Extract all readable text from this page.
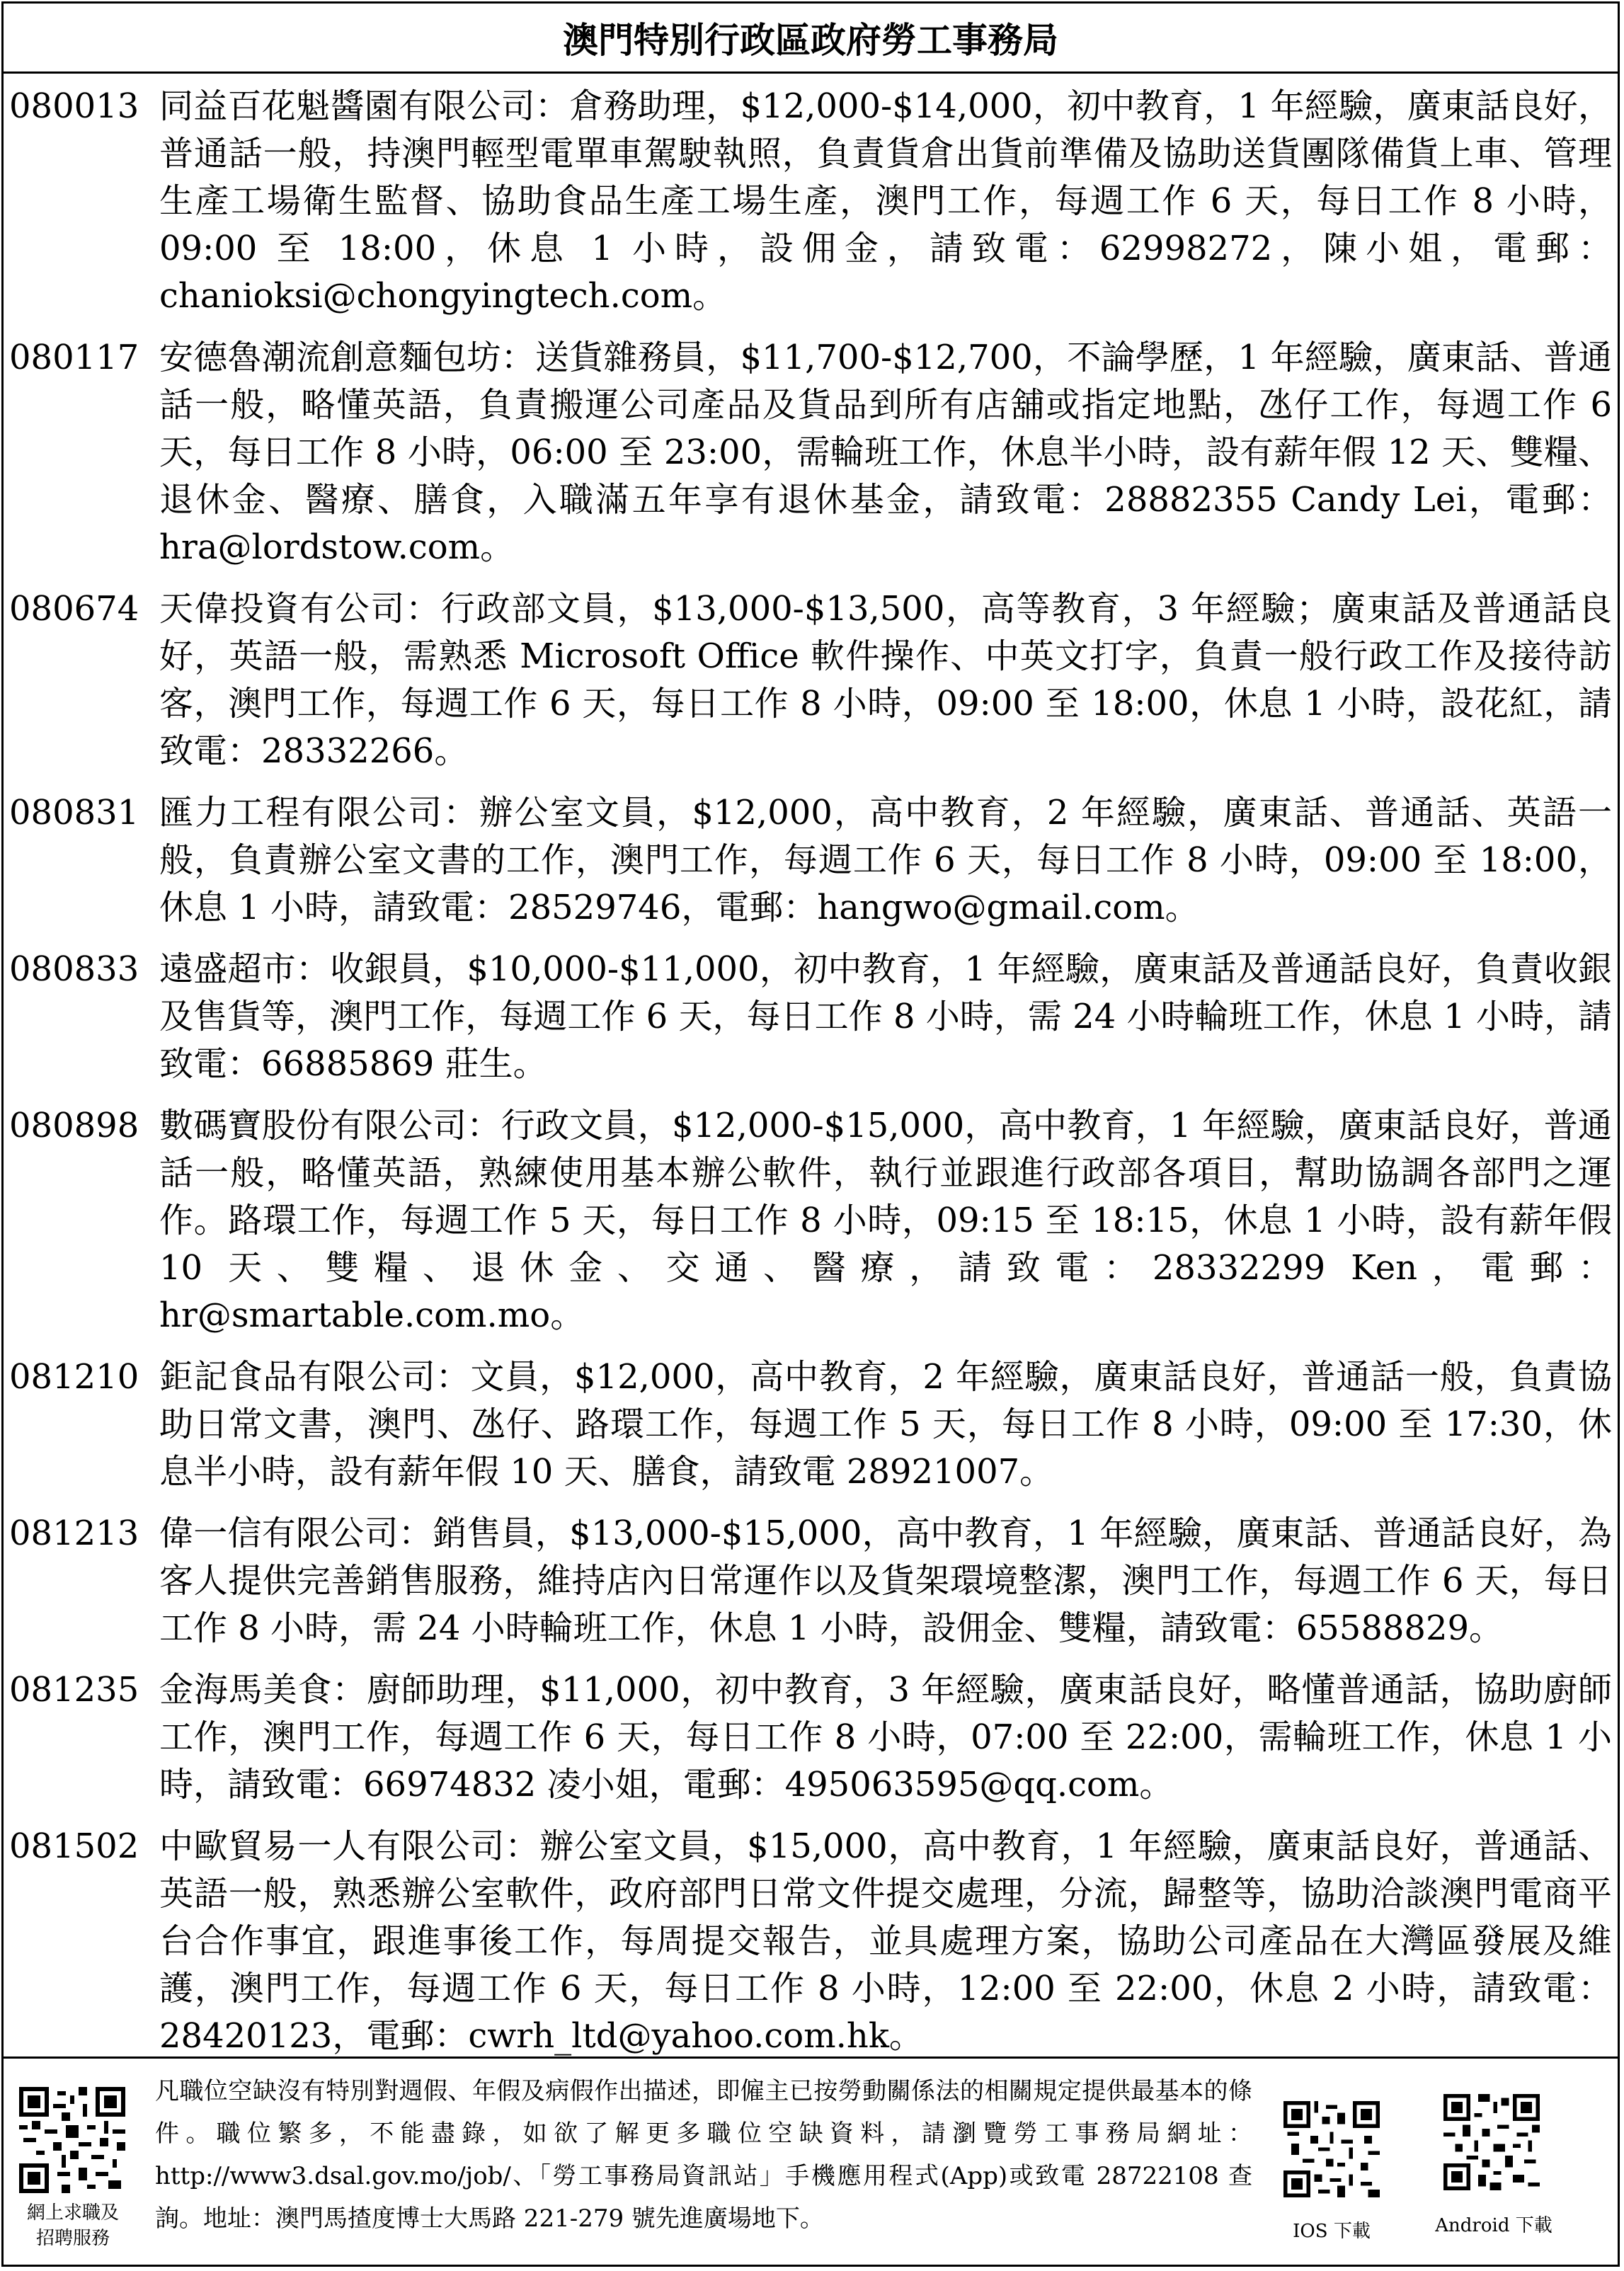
澳門特別行政區政府勞工事務局
080013 同益百花魁醬園有限公司：倉務助理，$12,000-$14,000，初中教育，1 年經驗，廣東話良好，普通話一般，持澳門輕型電單車駕駛執照，負責貨倉出貨前準備及協助送貨團隊備貨上車、管理生產工場衛生監督、協助食品生產工場生產，澳門工作，每週工作 6 天，每日工作 8 小時，09:00 至 18:00，休息 1 小時，設佣金，請致電：62998272，陳小姐，電郵：chanioksi@chongyingtech.com。
080117 安德魯潮流創意麵包坊：送貨雜務員，$11,700-$12,700，不論學歷，1 年經驗，廣東話、普通話一般，略懂英語，負責搬運公司產品及貨品到所有店舖或指定地點，氹仔工作，每週工作 6 天，每日工作 8 小時，06:00 至 23:00，需輪班工作，休息半小時，設有薪年假 12 天、雙糧、退休金、醫療、膳食，入職滿五年享有退休基金，請致電：28882355 Candy Lei，電郵：hra@lordstow.com。
080674 天偉投資有公司：行政部文員，$13,000-$13,500，高等教育，3 年經驗；廣東話及普通話良好，英語一般，需熟悉 Microsoft Office 軟件操作、中英文打字，負責一般行政工作及接待訪客，澳門工作，每週工作 6 天，每日工作 8 小時，09:00 至 18:00，休息 1 小時，設花紅，請致電：28332266。
080831 匯力工程有限公司：辦公室文員，$12,000，高中教育，2 年經驗，廣東話、普通話、英語一般，負責辦公室文書的工作，澳門工作，每週工作 6 天，每日工作 8 小時，09:00 至 18:00，休息 1 小時，請致電：28529746，電郵：hangwo@gmail.com。
080833 遠盛超市：收銀員，$10,000-$11,000，初中教育，1 年經驗，廣東話及普通話良好，負責收銀及售貨等，澳門工作，每週工作 6 天，每日工作 8 小時，需 24 小時輪班工作，休息 1 小時，請致電：66885869 莊生。
080898 數碼寶股份有限公司：行政文員，$12,000-$15,000，高中教育，1 年經驗，廣東話良好，普通話一般，略懂英語，熟練使用基本辦公軟件，執行並跟進行政部各項目，幫助協調各部門之運作。路環工作，每週工作 5 天，每日工作 8 小時，09:15 至 18:15，休息 1 小時，設有薪年假 10 天、雙糧、退休金、交通、醫療，請致電：28332299 Ken，電郵：hr@smartable.com.mo。
081210 鉅記食品有限公司：文員，$12,000，高中教育，2 年經驗，廣東話良好，普通話一般，負責協助日常文書，澳門、氹仔、路環工作，每週工作 5 天，每日工作 8 小時，09:00 至 17:30，休息半小時，設有薪年假 10 天、膳食，請致電 28921007。
081213 偉一信有限公司：銷售員，$13,000-$15,000，高中教育，1 年經驗，廣東話、普通話良好，為客人提供完善銷售服務，維持店內日常運作以及貨架環境整潔，澳門工作，每週工作 6 天，每日工作 8 小時，需 24 小時輪班工作，休息 1 小時，設佣金、雙糧，請致電：65588829。
081235 金海馬美食：廚師助理，$11,000，初中教育，3 年經驗，廣東話良好，略懂普通話，協助廚師工作，澳門工作，每週工作 6 天，每日工作 8 小時，07:00 至 22:00，需輪班工作，休息 1 小時，請致電：66974832 凌小姐，電郵：495063595@qq.com。
081502 中歐貿易一人有限公司：辦公室文員，$15,000，高中教育，1 年經驗，廣東話良好，普通話、英語一般，熟悉辦公室軟件，政府部門日常文件提交處理，分流，歸整等，協助洽談澳門電商平台合作事宜，跟進事後工作，每周提交報告，並具處理方案，協助公司產品在大灣區發展及維護，澳門工作，每週工作 6 天，每日工作 8 小時，12:00 至 22:00，休息 2 小時，請致電：28420123，電郵：cwrh_ltd@yahoo.com.hk。
網上求職及
招聘服務
凡職位空缺沒有特別對週假、年假及病假作出描述，即僱主已按勞動關係法的相關規定提供最基本的條件。職位繁多，不能盡錄，如欲了解更多職位空缺資料，請瀏覽勞工事務局網址：http://www3.dsal.gov.mo/job/、「勞工事務局資訊站」手機應用程式(App)或致電 28722108 查詢。地址：澳門馬揸度博士大馬路 221-279 號先進廣場地下。	IOS 下載	Android 下載
